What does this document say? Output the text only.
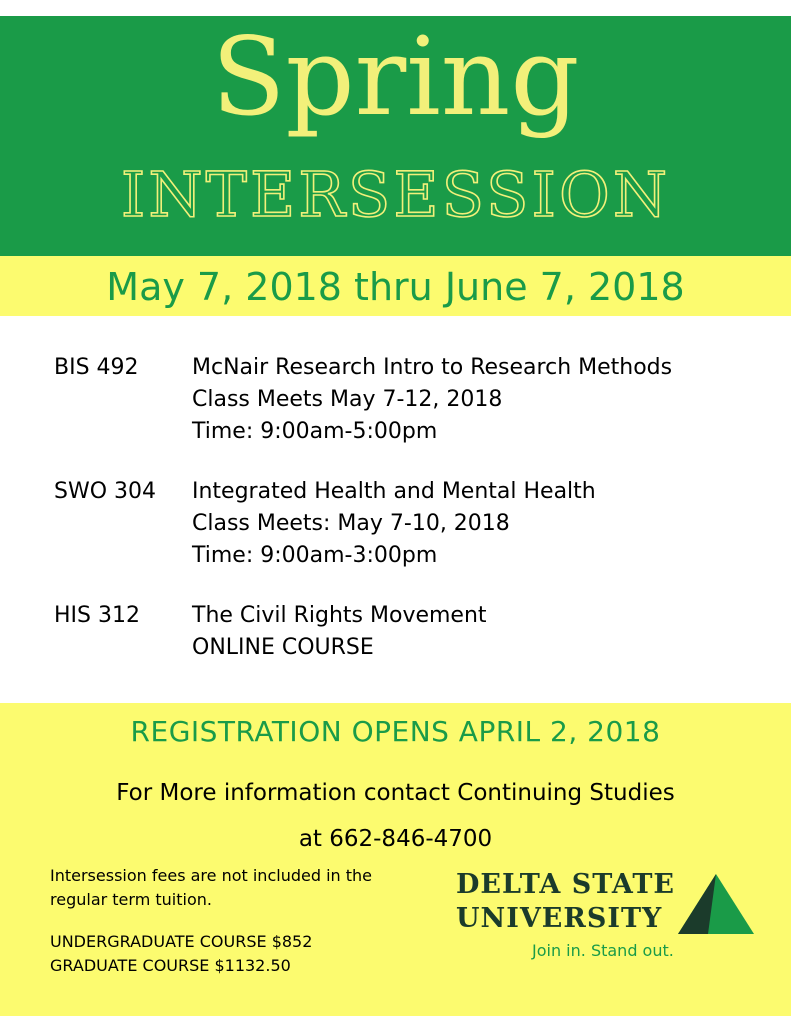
Spring
INTERSESSION
May 7, 2018 thru June 7, 2018
BIS 492 McNair Research Intro to Research Methods
Class Meets May 7-12, 2018
Time: 9:00am-5:00pm
SWO 304 Integrated Health and Mental Health
Class Meets: May 7-10, 2018
Time: 9:00am-3:00pm
HIS 312 The Civil Rights Movement
ONLINE COURSE
REGISTRATION OPENS APRIL 2, 2018
For More information contact Continuing Studies
at 662-846-4700
Intersession fees are not included in the
regular term tuition.
UNDERGRADUATE COURSE $852
GRADUATE COURSE $1132.50
DELTA STATE
UNIVERSITY
Join in. Stand out.
